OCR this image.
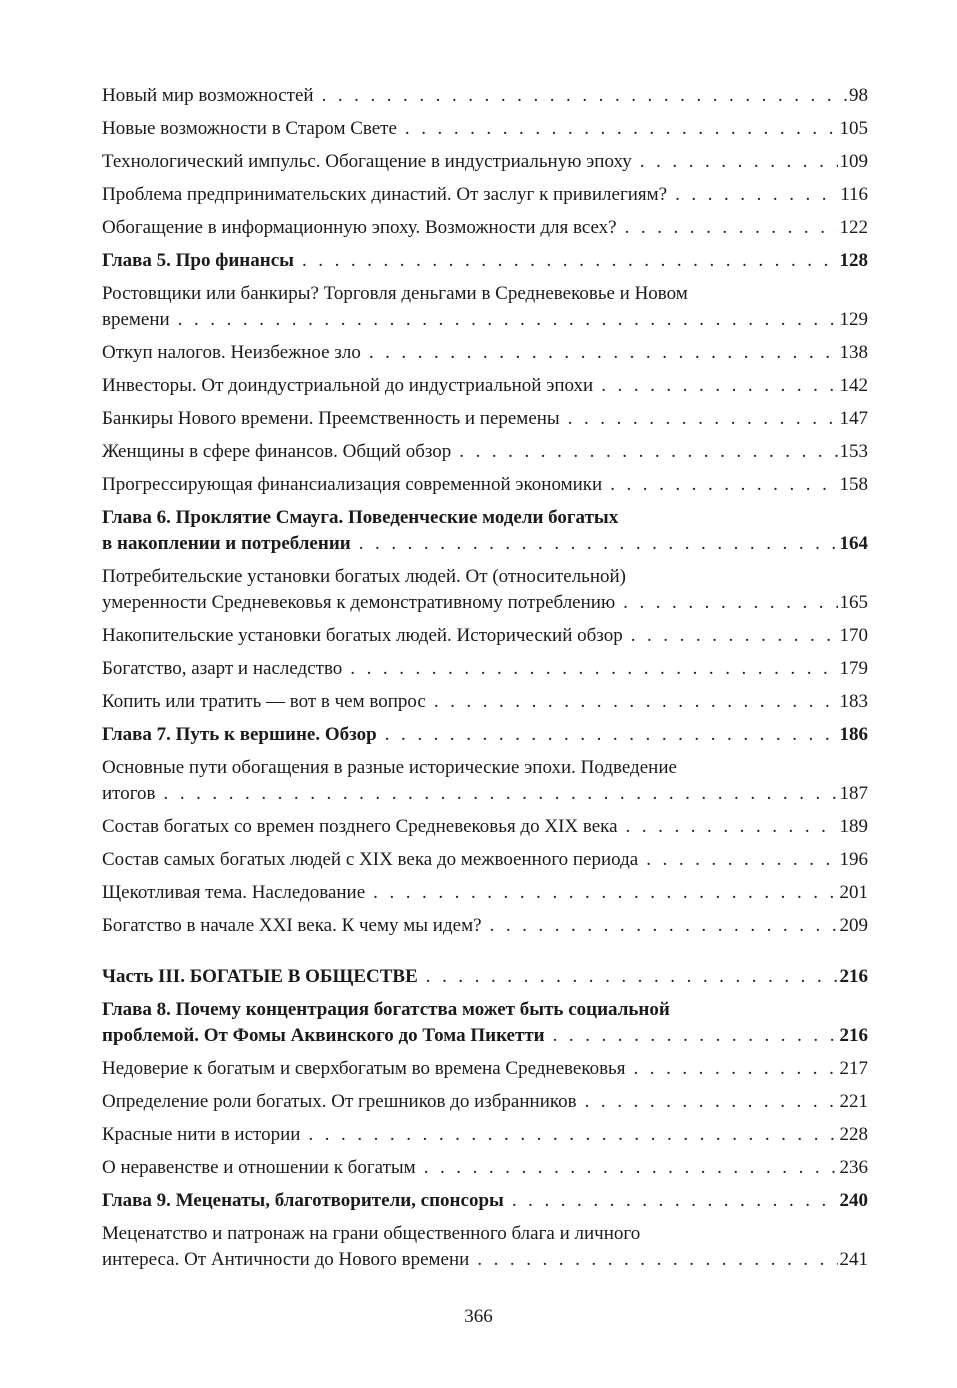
Новый мир возможностей . . .	98
Новые возможности в Старом Свете . . .	105
Технологический импульс. Обогащение в индустриальную эпоху . . .	109
Проблема предпринимательских династий. От заслуг к привилегиям? . . .	116
Обогащение в информационную эпоху. Возможности для всех? . . .	122
Глава 5. Про финансы . . .	128
Ростовщики или банкиры? Торговля деньгами в Средневековье и Новом
времени . . .	129
Откуп налогов. Неизбежное зло . . .	138
Инвесторы. От доиндустриальной до индустриальной эпохи . . .	142
Банкиры Нового времени. Преемственность и перемены . . .	147
Женщины в сфере финансов. Общий обзор . . .	153
Прогрессирующая финансиализация современной экономики . . .	158
Глава 6. Проклятие Смауга. Поведенческие модели богатых
в накоплении и потреблении . . .	164
Потребительские установки богатых людей. От (относительной)
умеренности Средневековья к демонстративному потреблению . . .	165
Накопительские установки богатых людей. Исторический обзор . . .	170
Богатство, азарт и наследство . . .	179
Копить или тратить — вот в чем вопрос . . .	183
Глава 7. Путь к вершине. Обзор . . .	186
Основные пути обогащения в разные исторические эпохи. Подведение
итогов . . .	187
Состав богатых со времен позднего Средневековья до XIX века . . .	189
Состав самых богатых людей с XIX века до межвоенного периода . . .	196
Щекотливая тема. Наследование . . .	201
Богатство в начале XXI века. К чему мы идем? . . .	209
Часть III. БОГАТЫЕ В ОБЩЕСТВЕ . . .	216
Глава 8. Почему концентрация богатства может быть социальной
проблемой. От Фомы Аквинского до Тома Пикетти . . .	216
Недоверие к богатым и сверхбогатым во времена Средневековья . . .	217
Определение роли богатых. От грешников до избранников . . .	221
Красные нити в истории . . .	228
О неравенстве и отношении к богатым . . .	236
Глава 9. Меценаты, благотворители, спонсоры . . .	240
Меценатство и патронаж на грани общественного блага и личного
интереса. От Античности до Нового времени . . .	241
366
